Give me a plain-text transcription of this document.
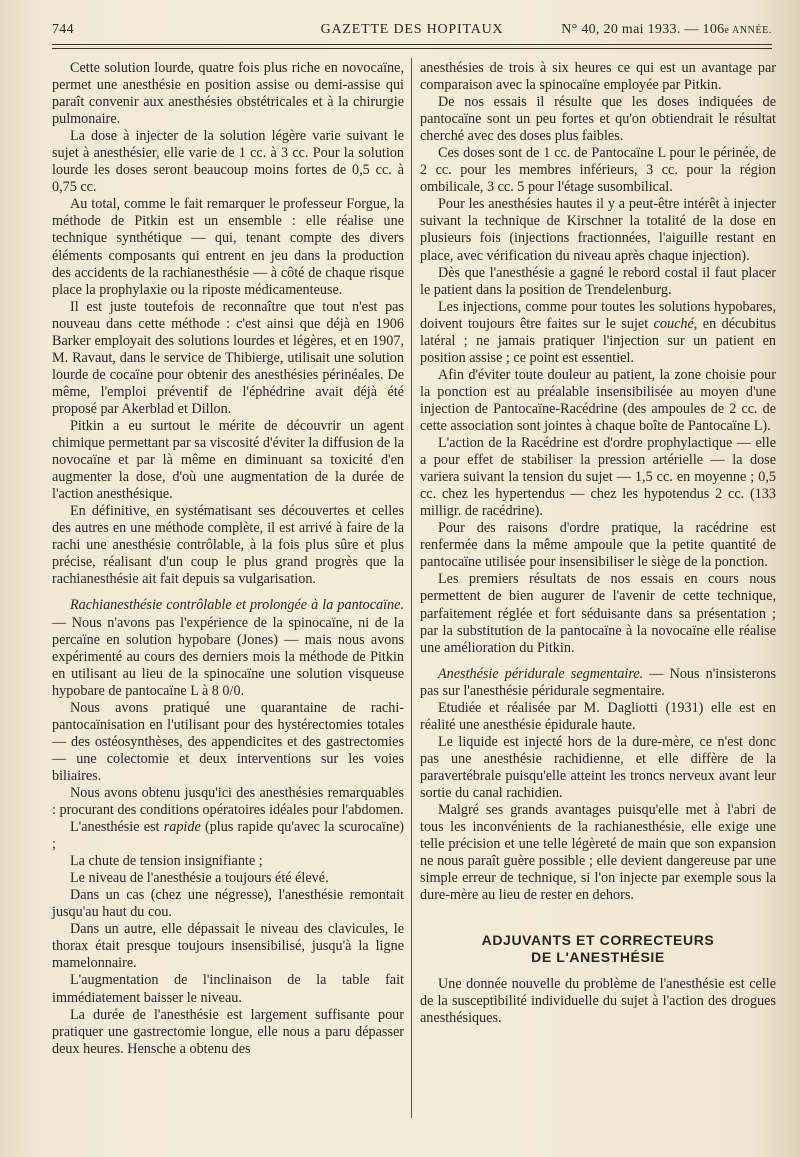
744	GAZETTE DES HOPITAUX	N° 40, 20 mai 1933. — 106e ANNÉE.

Cette solution lourde, quatre fois plus riche en novocaïne, permet une anesthésie en position assise ou demi-assise qui paraît convenir aux anesthésies obstétricales et à la chirurgie pulmonaire.

La dose à injecter de la solution légère varie suivant le sujet à anesthésier, elle varie de 1 cc. à 3 cc. Pour la solution lourde les doses seront beaucoup moins fortes de 0,5 cc. à 0,75 cc.

Au total, comme le fait remarquer le professeur Forgue, la méthode de Pitkin est un ensemble : elle réalise une technique synthétique — qui, tenant compte des divers éléments composants qui entrent en jeu dans la production des accidents de la rachianesthésie — à côté de chaque risque place la prophylaxie ou la riposte médicamenteuse.

Il est juste toutefois de reconnaître que tout n'est pas nouveau dans cette méthode : c'est ainsi que déjà en 1906 Barker employait des solutions lourdes et légères, et en 1907, M. Ravaut, dans le service de Thibierge, utilisait une solution lourde de cocaïne pour obtenir des anesthésies périnéales. De même, l'emploi préventif de l'éphédrine avait déjà été proposé par Akerblad et Dillon.

Pitkin a eu surtout le mérite de découvrir un agent chimique permettant par sa viscosité d'éviter la diffusion de la novocaïne et par là même en diminuant sa toxicité d'en augmenter la dose, d'où une augmentation de la durée de l'action anesthésique.

En définitive, en systématisant ses découvertes et celles des autres en une méthode complète, il est arrivé à faire de la rachi une anesthésie contrôlable, à la fois plus sûre et plus précise, réalisant d'un coup le plus grand progrès que la rachianesthésie ait fait depuis sa vulgarisation.

Rachianesthésie contrôlable et prolongée à la pantocaïne. — Nous n'avons pas l'expérience de la spinocaïne, ni de la percaïne en solution hypobare (Jones) — mais nous avons expérimenté au cours des derniers mois la méthode de Pitkin en utilisant au lieu de la spinocaïne une solution visqueuse hypobare de pantocaïne L à 8 0/0.

Nous avons pratiqué une quarantaine de rachi-pantocaïnisation en l'utilisant pour des hystérectomies totales — des ostéosynthèses, des appendicites et des gastrectomies — une colectomie et deux interventions sur les voies biliaires.

Nous avons obtenu jusqu'ici des anesthésies remarquables : procurant des conditions opératoires idéales pour l'abdomen.

L'anesthésie est rapide (plus rapide qu'avec la scurocaïne) ;

La chute de tension insignifiante ;

Le niveau de l'anesthésie a toujours été élevé.

Dans un cas (chez une négresse), l'anesthésie remontait jusqu'au haut du cou.

Dans un autre, elle dépassait le niveau des clavicules, le thorax était presque toujours insensibilisé, jusqu'à la ligne mamelonnaire.

L'augmentation de l'inclinaison de la table fait immédiatement baisser le niveau.

La durée de l'anesthésie est largement suffisante pour pratiquer une gastrectomie longue, elle nous a paru dépasser deux heures. Hensche a obtenu des

anesthésies de trois à six heures ce qui est un avantage par comparaison avec la spinocaïne employée par Pitkin.

De nos essais il résulte que les doses indiquées de pantocaïne sont un peu fortes et qu'on obtiendrait le résultat cherché avec des doses plus faibles.

Ces doses sont de 1 cc. de Pantocaïne L pour le périnée, de 2 cc. pour les membres inférieurs, 3 cc. pour la région ombilicale, 3 cc. 5 pour l'étage susombilical.

Pour les anesthésies hautes il y a peut-être intérêt à injecter suivant la technique de Kirschner la totalité de la dose en plusieurs fois (injections fractionnées, l'aiguille restant en place, avec vérification du niveau après chaque injection).

Dès que l'anesthésie a gagné le rebord costal il faut placer le patient dans la position de Trendelenburg.

Les injections, comme pour toutes les solutions hypobares, doivent toujours être faites sur le sujet couché, en décubitus latéral ; ne jamais pratiquer l'injection sur un patient en position assise ; ce point est essentiel.

Afin d'éviter toute douleur au patient, la zone choisie pour la ponction est au préalable insensibilisée au moyen d'une injection de Pantocaïne-Racédrine (des ampoules de 2 cc. de cette association sont jointes à chaque boîte de Pantocaïne L).

L'action de la Racédrine est d'ordre prophylactique — elle a pour effet de stabiliser la pression artérielle — la dose variera suivant la tension du sujet — 1,5 cc. en moyenne ; 0,5 cc. chez les hypertendus — chez les hypotendus 2 cc. (133 milligr. de racédrine).

Pour des raisons d'ordre pratique, la racédrine est renfermée dans la même ampoule que la petite quantité de pantocaïne utilisée pour insensibiliser le siège de la ponction.

Les premiers résultats de nos essais en cours nous permettent de bien augurer de l'avenir de cette technique, parfaitement réglée et fort séduisante dans sa présentation ; par la substitution de la pantocaïne à la novocaïne elle réalise une amélioration du Pitkin.

Anesthésie péridurale segmentaire. — Nous n'insisterons pas sur l'anesthésie péridurale segmentaire.

Etudiée et réalisée par M. Dagliotti (1931) elle est en réalité une anesthésie épidurale haute.

Le liquide est injecté hors de la dure-mère, ce n'est donc pas une anesthésie rachidienne, et elle diffère de la paravertébrale puisqu'elle atteint les troncs nerveux avant leur sortie du canal rachidien.

Malgré ses grands avantages puisqu'elle met à l'abri de tous les inconvénients de la rachianesthésie, elle exige une telle précision et une telle légèreté de main que son expansion ne nous paraît guère possible ; elle devient dangereuse par une simple erreur de technique, si l'on injecte par exemple sous la dure-mère au lieu de rester en dehors.

ADJUVANTS ET CORRECTEURS
DE L'ANESTHÉSIE

Une donnée nouvelle du problème de l'anesthésie est celle de la susceptibilité individuelle du sujet à l'action des drogues anesthésiques.
